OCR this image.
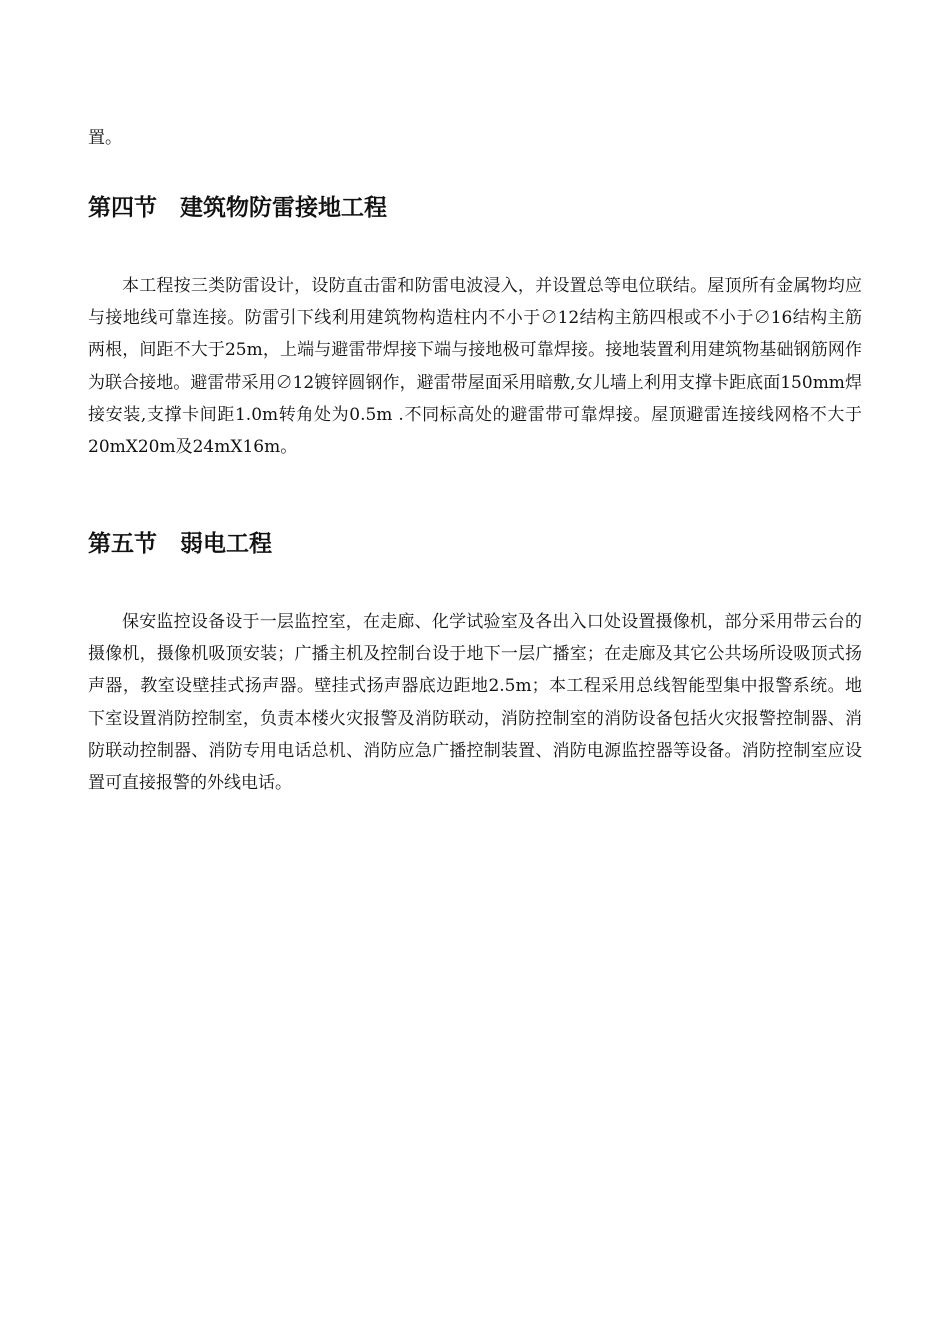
置。

第四节　建筑物防雷接地工程

本工程按三类防雷设计，设防直击雷和防雷电波浸入，并设置总等电位联结。屋顶所有金属物均应与接地线可靠连接。防雷引下线利用建筑物构造柱内不小于∅12结构主筋四根或不小于∅16结构主筋两根，间距不大于25m，上端与避雷带焊接下端与接地极可靠焊接。接地装置利用建筑物基础钢筋网作为联合接地。避雷带采用∅12镀锌圆钢作，避雷带屋面采用暗敷,女儿墙上利用支撑卡距底面150mm焊接安装,支撑卡间距1.0m转角处为0.5m .不同标高处的避雷带可靠焊接。屋顶避雷连接线网格不大于20mX20m及24mX16m。

第五节　弱电工程

保安监控设备设于一层监控室，在走廊、化学试验室及各出入口处设置摄像机，部分采用带云台的摄像机，摄像机吸顶安装；广播主机及控制台设于地下一层广播室；在走廊及其它公共场所设吸顶式扬声器，教室设壁挂式扬声器。壁挂式扬声器底边距地2.5m；本工程采用总线智能型集中报警系统。地下室设置消防控制室，负责本楼火灾报警及消防联动，消防控制室的消防设备包括火灾报警控制器、消防联动控制器、消防专用电话总机、消防应急广播控制装置、消防电源监控器等设备。消防控制室应设置可直接报警的外线电话。
